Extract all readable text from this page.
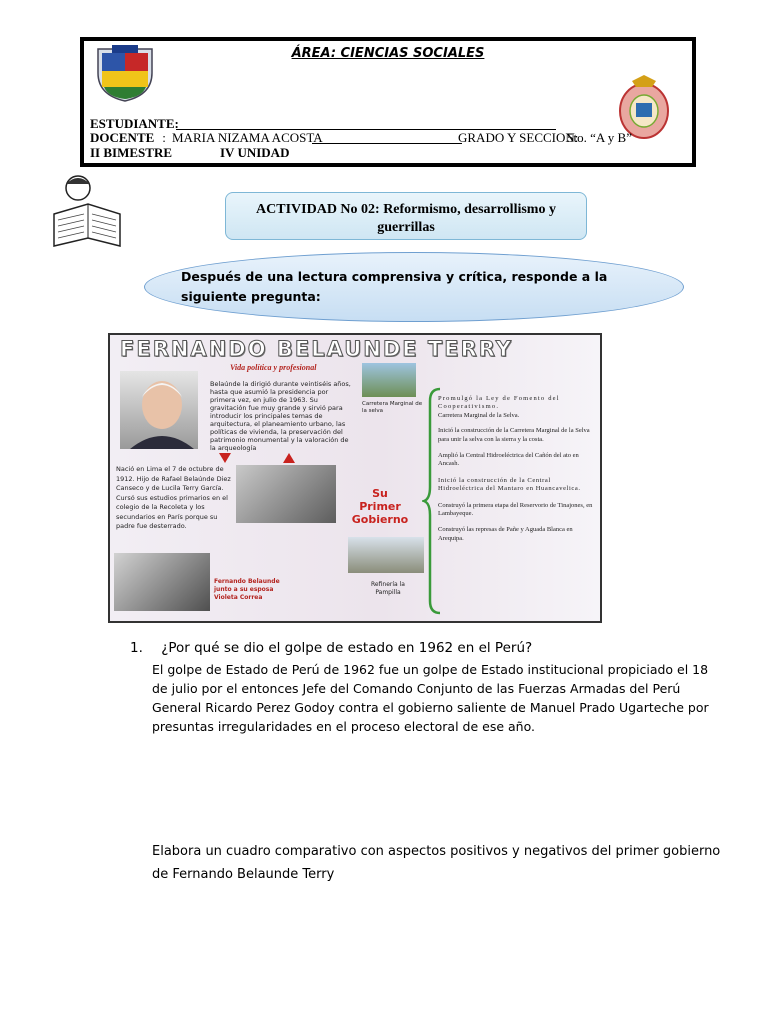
ÁREA: CIENCIAS SOCIALES
ESTUDIANTE:
DOCENTE : MARIA NIZAMA ACOSTA	GRADO Y SECCION:
5to. “A y B”
II BIMESTRE	IV UNIDAD
ACTIVIDAD No 02: Reformismo, desarrollismo y guerrillas
Después de una lectura comprensiva y crítica, responde a la siguiente pregunta:
FERNANDO BELAUNDE TERRY
Vida política y profesional
Belaúnde la dirigió durante veintiséis años, hasta que asumió la presidencia por primera vez, en julio de 1963. Su gravitación fue muy grande y sirvió para introducir los principales temas de arquitectura, el planeamiento urbano, las políticas de vivienda, la preservación del patrimonio monumental y la valoración de la arqueología
Nació en Lima el 7 de octubre de 1912. Hijo de Rafael Belaúnde Diez Canseco y de Lucila Terry García. Cursó sus estudios primarios en el colegio de la Recoleta y los secundarios en París porque su padre fue desterrado.
Fernando Belaunde junto a su esposa Violeta Correa
Su Primer Gobierno
Carretera Marginal de la selva
Refinería la Pampilla
Promulgó la Ley de Fomento del Cooperativismo.
Carretera Marginal de la Selva.
Inició la construcción de la Carretera Marginal de la Selva para unir la selva con la sierra y la costa.
Amplió la Central Hidroeléctrica del Cañón del ato en Ancash.
Inició la construcción de la Central Hidroeléctrica del Mantaro en Huancavelica.
Construyó la primera etapa del Reservorio de Tinajones, en Lambayeque.
Construyó las represas de Pañe y Aguada Blanca en Arequipa.
1. ¿Por qué se dio el golpe de estado en 1962 en el Perú?
El golpe de Estado de Perú de 1962 fue un golpe de Estado institucional propiciado el 18 de julio por el entonces Jefe del Comando Conjunto de las Fuerzas Armadas del Perú General Ricardo Perez Godoy contra el gobierno saliente de Manuel Prado Ugarteche por presuntas irregularidades en el proceso electoral de ese año.
Elabora un cuadro comparativo con aspectos positivos y negativos del primer gobierno de Fernando Belaunde Terry
